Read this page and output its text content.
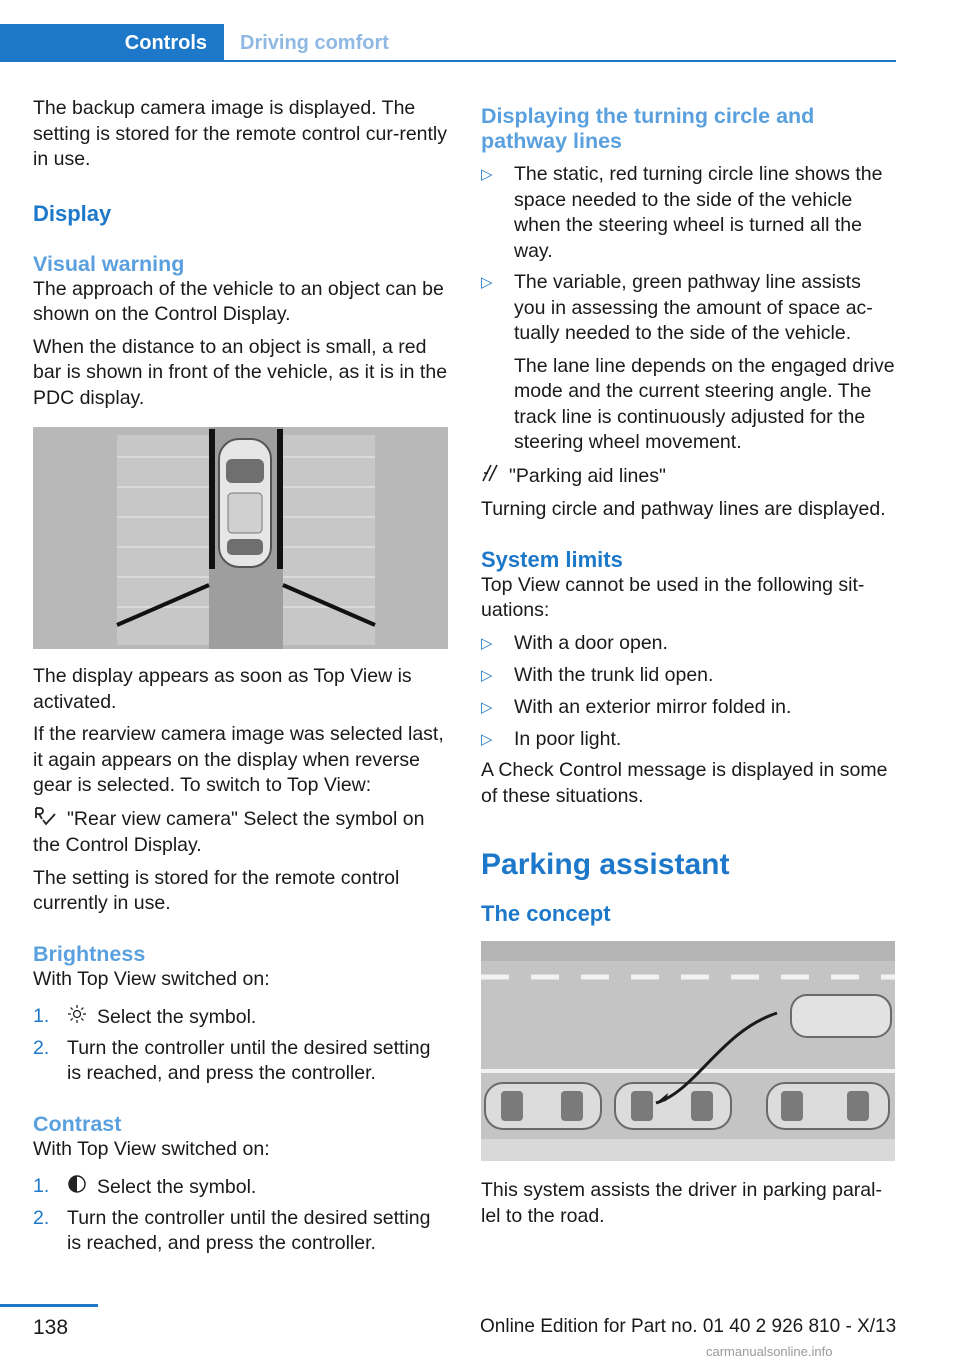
Controls	Driving comfort

The backup camera image is displayed. The setting is stored for the remote control cur‐rently in use.

Display
Visual warning

The approach of the vehicle to an object can be shown on the Control Display.

When the distance to an object is small, a red bar is shown in front of the vehicle, as it is in the PDC display.

The display appears as soon as Top View is activated.

If the rearview camera image was selected last, it again appears on the display when reverse gear is selected. To switch to Top View:

"Rear view camera" Select the symbol on the Control Display.

The setting is stored for the remote control currently in use.

Brightness

With Top View switched on:

1. Select the symbol.
2. Turn the controller until the desired setting is reached, and press the controller.
Contrast

With Top View switched on:

1. Select the symbol.
2. Turn the controller until the desired setting is reached, and press the controller.
Displaying the turning circle and pathway lines
▷ The static, red turning circle line shows the space needed to the side of the vehicle when the steering wheel is turned all the way.
▷ The variable, green pathway line assists you in assessing the amount of space ac‐tually needed to the side of the vehicle.
The lane line depends on the engaged drive mode and the current steering angle. The track line is continuously adjusted for the steering wheel movement.

"Parking aid lines"

Turning circle and pathway lines are displayed.

System limits

Top View cannot be used in the following sit‐uations:

▷ With a door open.
▷ With the trunk lid open.
▷ With an exterior mirror folded in.
▷ In poor light.

A Check Control message is displayed in some of these situations.

Parking assistant
The concept

This system assists the driver in parking paral‐lel to the road.

138	Online Edition for Part no. 01 40 2 926 810 - X/13
carmanualsonline.info
